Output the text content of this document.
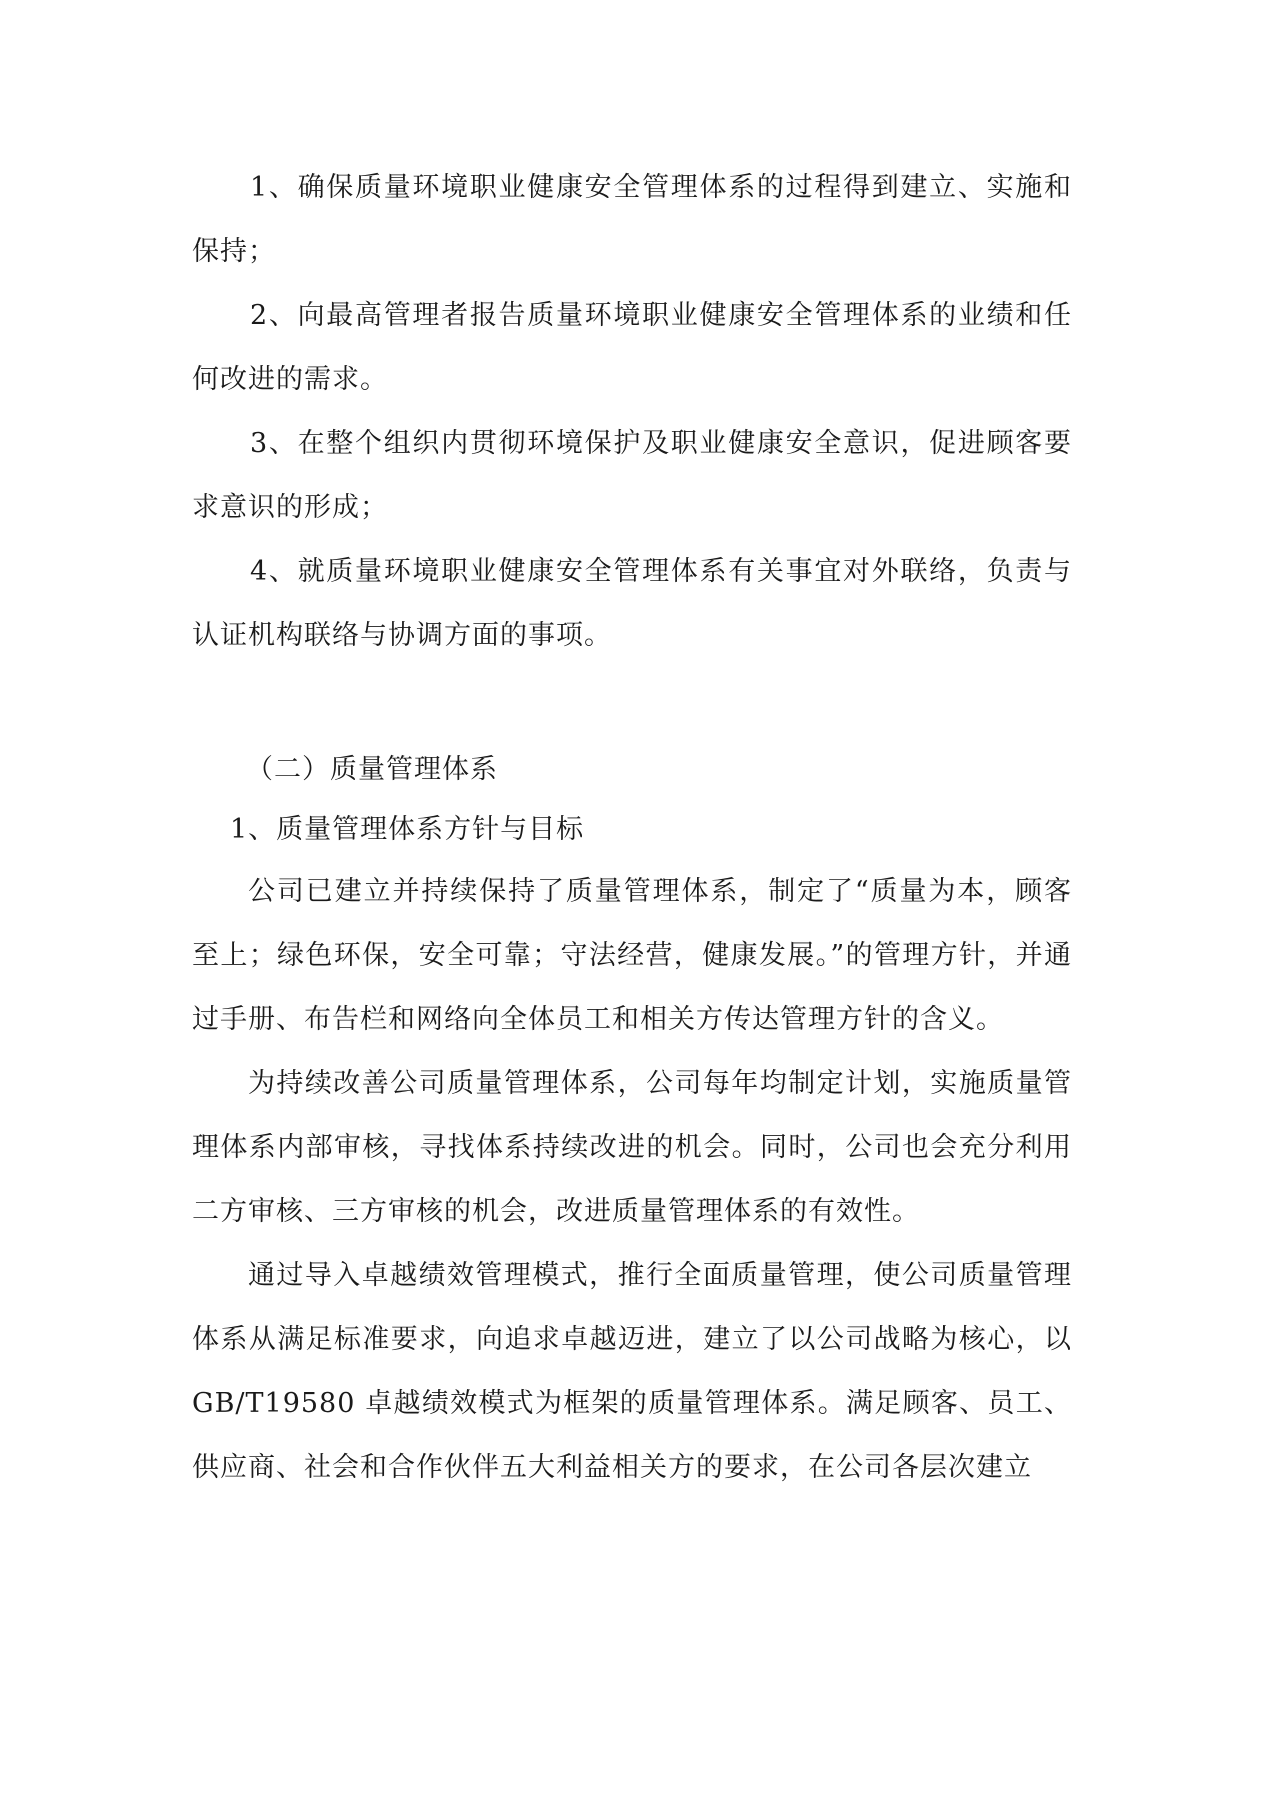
1、确保质量环境职业健康安全管理体系的过程得到建立、实施和保持；

2、向最高管理者报告质量环境职业健康安全管理体系的业绩和任何改进的需求。

3、在整个组织内贯彻环境保护及职业健康安全意识，促进顾客要求意识的形成；

4、就质量环境职业健康安全管理体系有关事宜对外联络，负责与认证机构联络与协调方面的事项。

（二）质量管理体系

1、质量管理体系方针与目标

公司已建立并持续保持了质量管理体系，制定了“质量为本，顾客至上；绿色环保，安全可靠；守法经营，健康发展。”的管理方针，并通过手册、布告栏和网络向全体员工和相关方传达管理方针的含义。

为持续改善公司质量管理体系，公司每年均制定计划，实施质量管理体系内部审核，寻找体系持续改进的机会。同时，公司也会充分利用二方审核、三方审核的机会，改进质量管理体系的有效性。

通过导入卓越绩效管理模式，推行全面质量管理，使公司质量管理体系从满足标准要求，向追求卓越迈进，建立了以公司战略为核心，以 GB/T19580 卓越绩效模式为框架的质量管理体系。满足顾客、员工、供应商、社会和合作伙伴五大利益相关方的要求，在公司各层次建立
